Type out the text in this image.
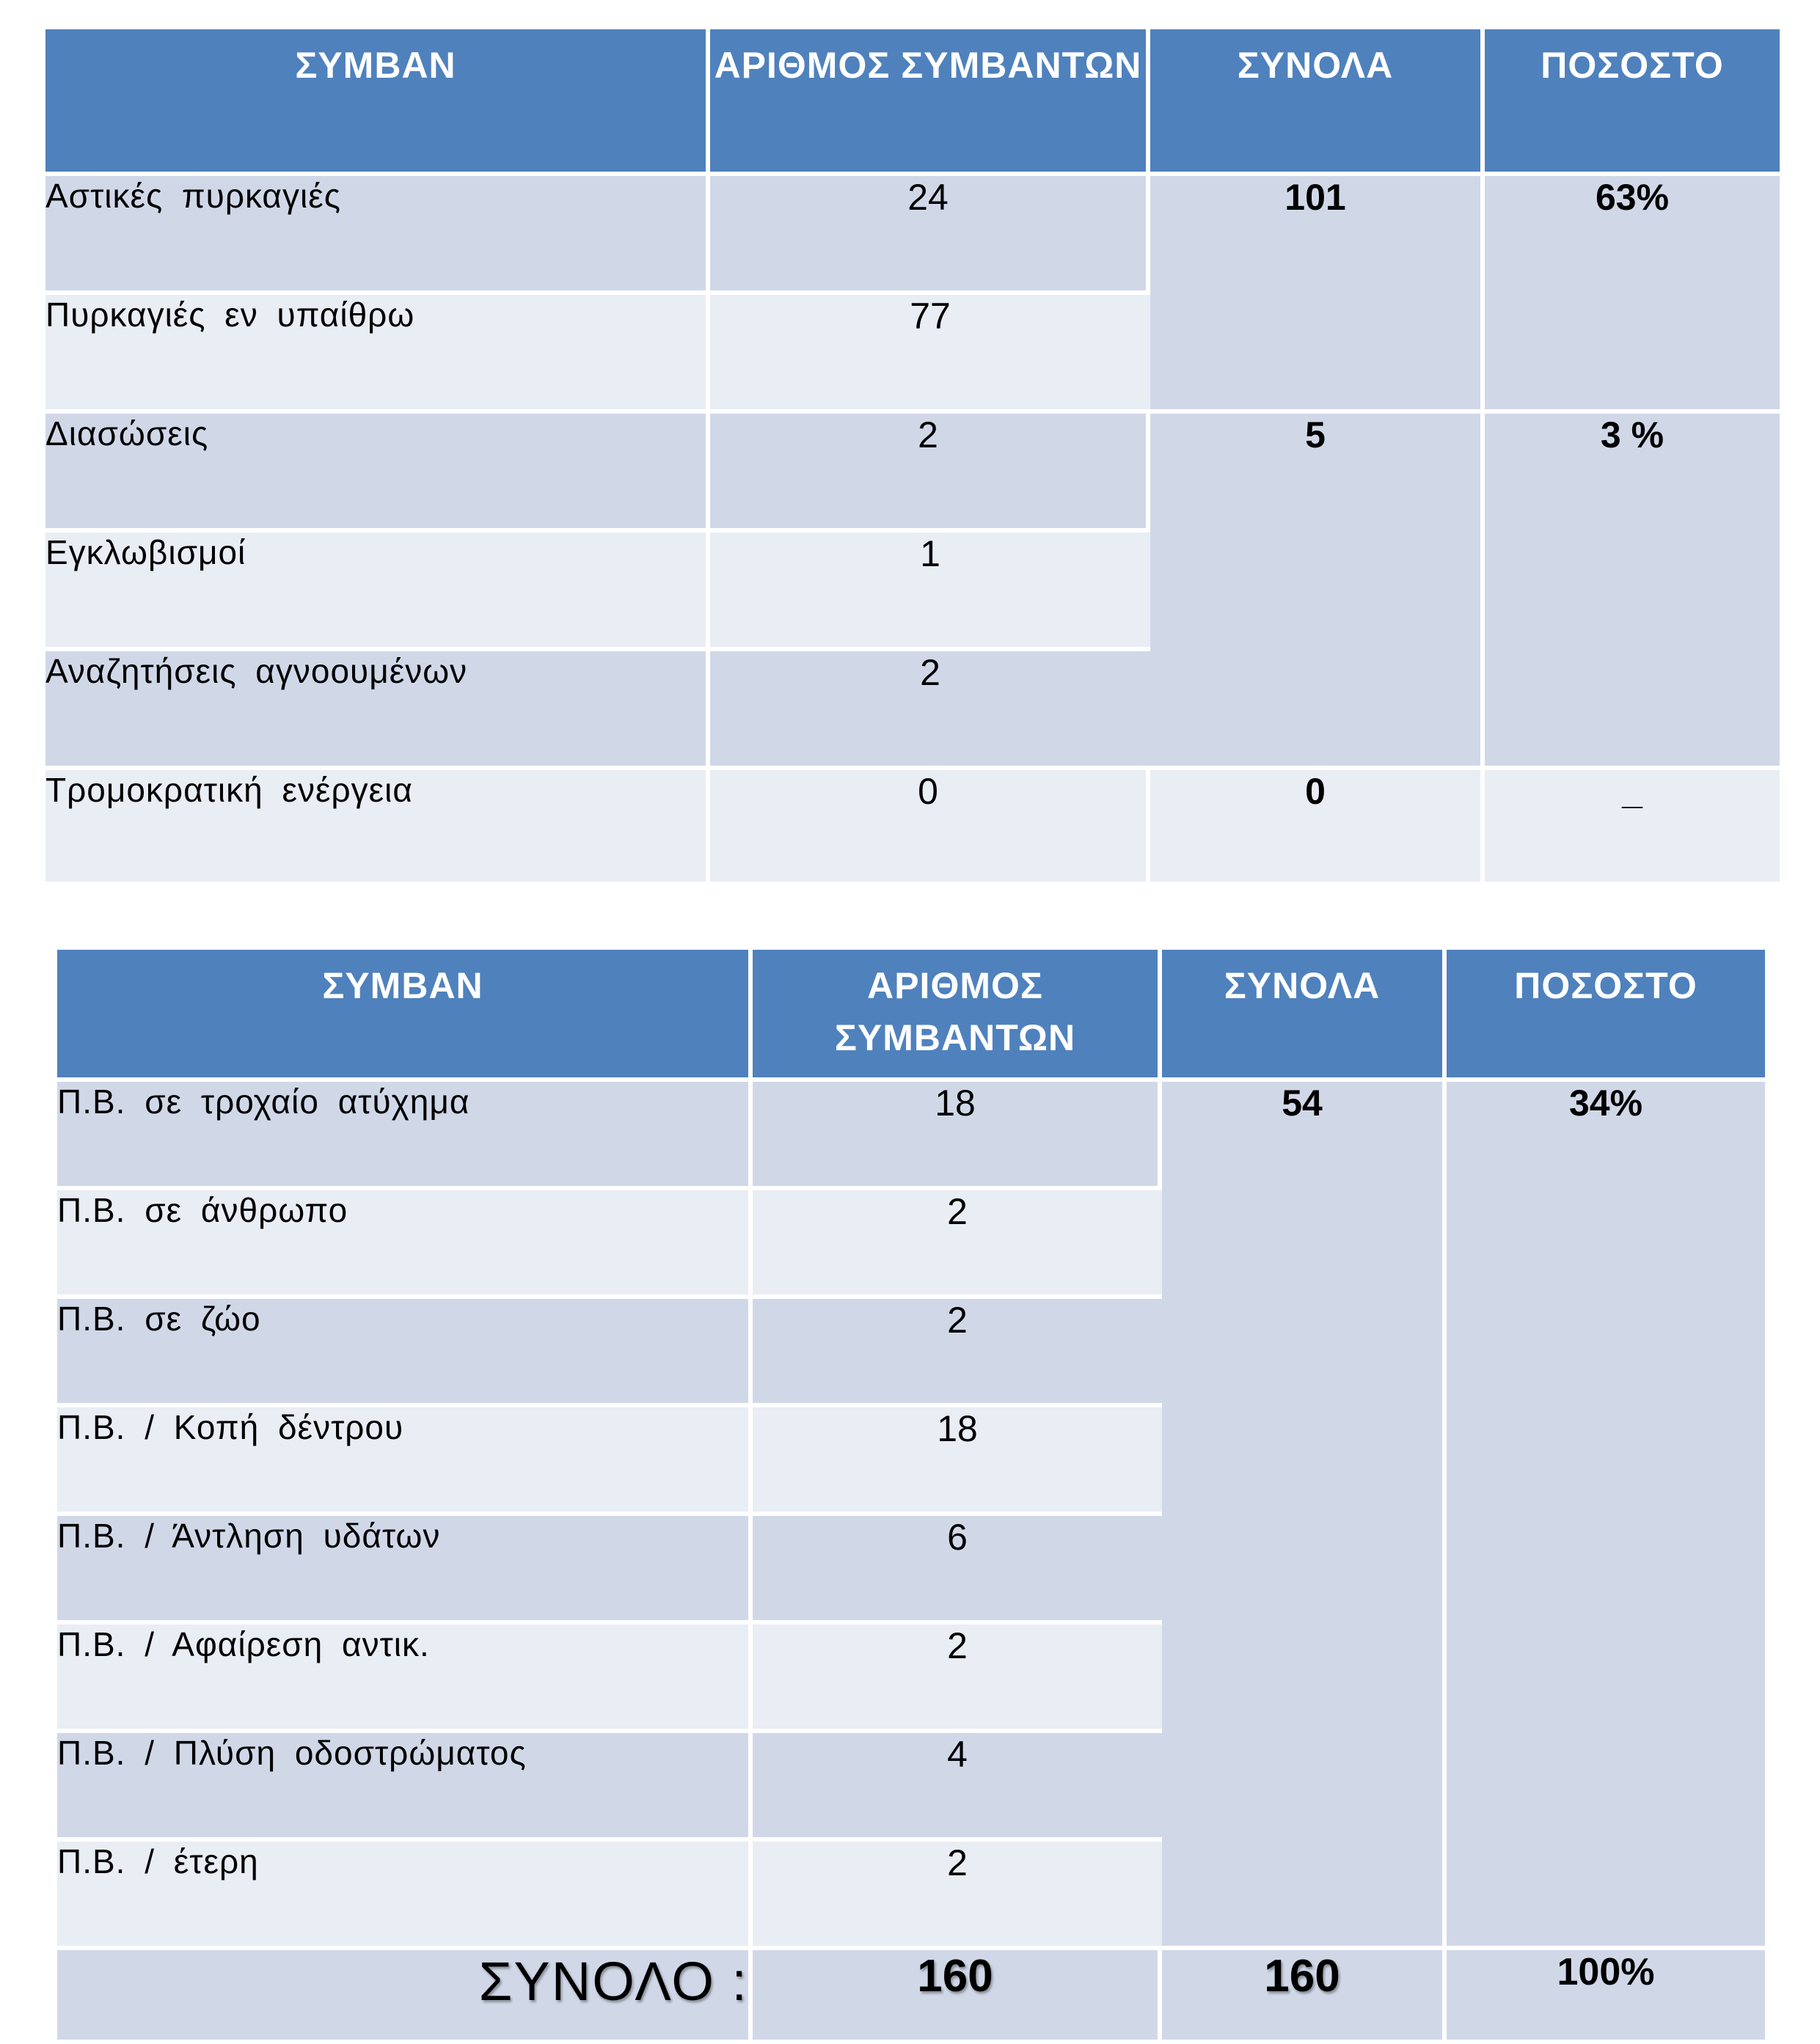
ΣΥΜΒΑΝ	ΑΡΙΘΜΟΣ ΣΥΜΒΑΝΤΩΝ	ΣΥΝΟΛΑ	ΠΟΣΟΣΤΟ
Αστικές πυρκαγιές	24	101	63%
Πυρκαγιές εν υπαίθρω	77		
Διασώσεις	2	5	3 %
Εγκλωβισμοί	1		
Αναζητήσεις αγνοουμένων	2		
Τρομοκρατική ενέργεια	0	0	_
ΣΥΜΒΑΝ	ΑΡΙΘΜΟΣ ΣΥΜΒΑΝΤΩΝ	ΣΥΝΟΛΑ	ΠΟΣΟΣΤΟ
Π.Β. σε τροχαίο ατύχημα	18	54	34%
Π.Β. σε άνθρωπο	2		
Π.Β. σε ζώο	2		
Π.Β. / Κοπή δέντρου	18		
Π.Β. / Άντληση υδάτων	6		
Π.Β. / Αφαίρεση αντικ.	2		
Π.Β. / Πλύση οδοστρώματος	4		
Π.Β. / έτερη	2		
ΣΥΝΟΛΟ :	160	160	100%
